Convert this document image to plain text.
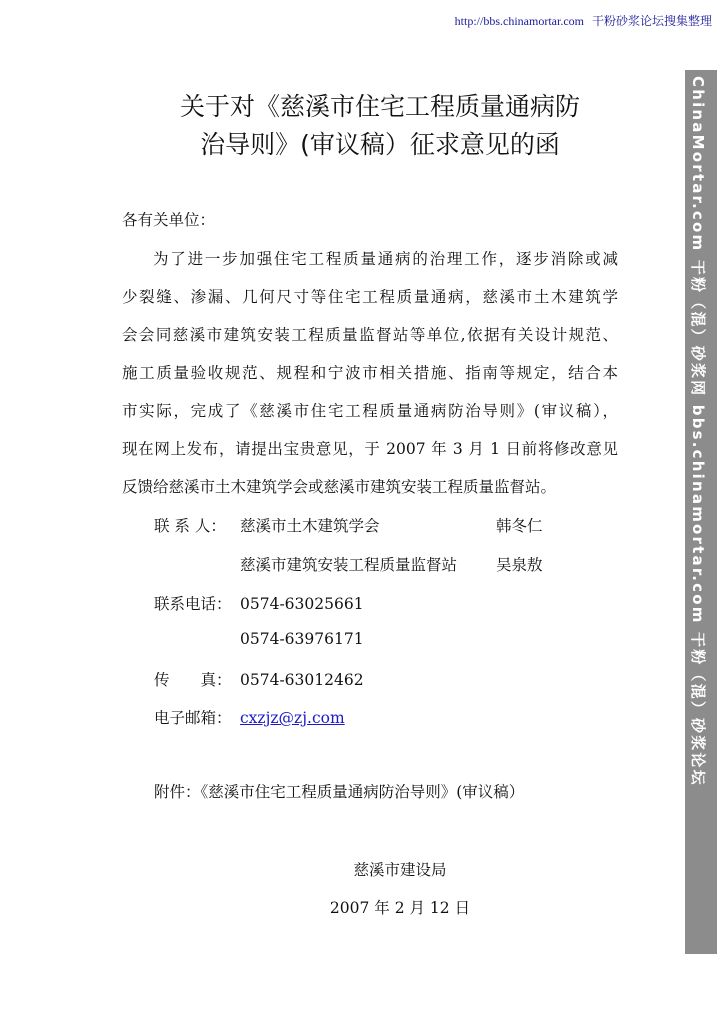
http://bbs.chinamortar.com 干粉砂浆论坛搜集整理
ChinaMortar.com 干粉（混）砂浆网 bbs.chinamortar.com 干粉（混）砂浆论坛
关于对《慈溪市住宅工程质量通病防
治导则》(审议稿）征求意见的函
各有关单位：
为了进一步加强住宅工程质量通病的治理工作，逐步消除或减
少裂缝、渗漏、几何尺寸等住宅工程质量通病，慈溪市土木建筑学
会会同慈溪市建筑安装工程质量监督站等单位,依据有关设计规范、
施工质量验收规范、规程和宁波市相关措施、指南等规定，结合本
市实际，完成了《慈溪市住宅工程质量通病防治导则》(审议稿），
现在网上发布，请提出宝贵意见，于 2007 年 3 月 1 日前将修改意见
反馈给慈溪市土木建筑学会或慈溪市建筑安装工程质量监督站。
联 系 人： 慈溪市土木建筑学会	韩冬仁
慈溪市建筑安装工程质量监督站	吴泉敖
联系电话： 0574-63025661
0574-63976171
传　　真： 0574-63012462
电子邮箱： cxzjz@zj.com
附件：《慈溪市住宅工程质量通病防治导则》(审议稿）
慈溪市建设局
2007 年 2 月 12 日
